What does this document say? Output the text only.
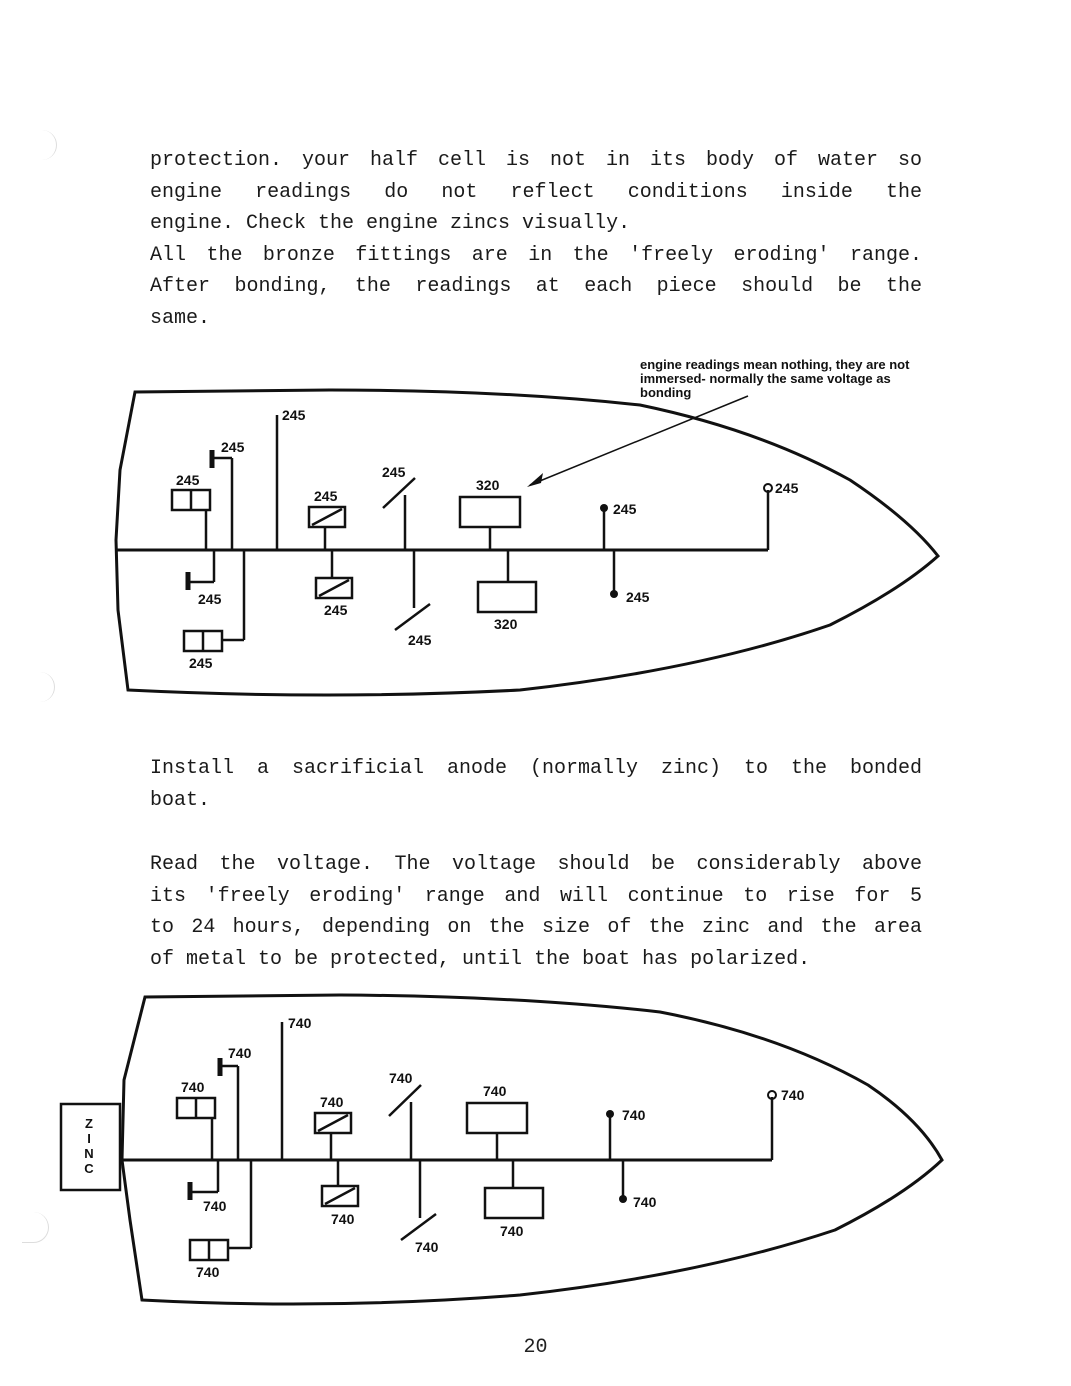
protection. your half cell is not in its body of water so
engine readings do not reflect conditions inside the
engine. Check the engine zincs visually.
All the bronze fittings are in the 'freely eroding' range.
After bonding, the readings at each piece should be the
same.
245
245
245
245
245
320
245
245
245
245
245
320
245
245
engine readings mean nothing, they are not
immersed- normally the same voltage as
bonding
Install a sacrificial anode (normally zinc) to the bonded
boat.
Read the voltage. The voltage should be considerably above
its 'freely eroding' range and will continue to rise for 5
to 24 hours, depending on the size of the zinc and the area
of metal to be protected, until the boat has polarized.
Z
I
N
C
740
740
740
740
740
740
740
740
740
740
740
740
740
740
20
